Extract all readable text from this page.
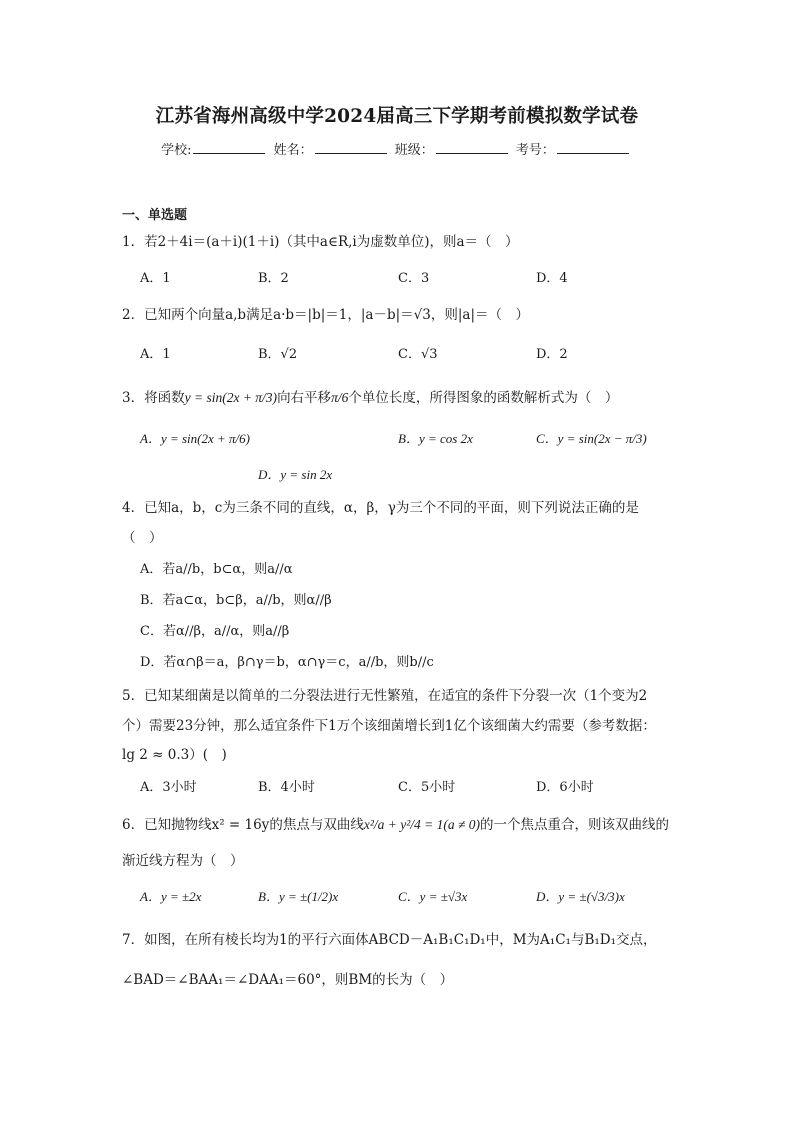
江苏省海州高级中学2024届高三下学期考前模拟数学试卷
学校:	姓名：	班级：	考号：
一、单选题
1．若2＋4i＝(a＋i)(1＋i)（其中a∈R,i为虚数单位)，则a＝（　）
A．1	B．2	C．3	D．4
2．已知两个向量a,b满足a·b＝|b|＝1，|a－b|＝√3，则|a|＝（　）
A．1	B．√2	C．√3	D．2
3．将函数y = sin(2x + π/3)向右平移π/6个单位长度，所得图象的函数解析式为（　）
A．y = sin(2x + π/6)	B．y = cos 2x	C．y = sin(2x − π/3)
D．y = sin 2x
4．已知a，b，c为三条不同的直线，α，β，γ为三个不同的平面，则下列说法正确的是
（　）
A．若a//b，b⊂α，则a//α
B．若a⊂α，b⊂β，a//b，则α//β
C．若α//β，a//α，则a//β
D．若α∩β＝a，β∩γ＝b，α∩γ＝c，a//b，则b//c
5．已知某细菌是以简单的二分裂法进行无性繁殖，在适宜的条件下分裂一次（1个变为2
个）需要23分钟，那么适宜条件下1万个该细菌增长到1亿个该细菌大约需要（参考数据：
lg 2 ≈ 0.3）(　)
A．3小时	B．4小时	C．5小时	D．6小时
6．已知抛物线x² = 16y的焦点与双曲线x²/a + y²/4 = 1(a ≠ 0)的一个焦点重合，则该双曲线的
渐近线方程为（　）
A．y = ±2x	B．y = ±(1/2)x	C．y = ±√3x	D．y = ±(√3/3)x
7．如图，在所有棱长均为1的平行六面体ABCD－A₁B₁C₁D₁中，M为A₁C₁与B₁D₁交点，
∠BAD＝∠BAA₁＝∠DAA₁＝60°，则BM的长为（　）
